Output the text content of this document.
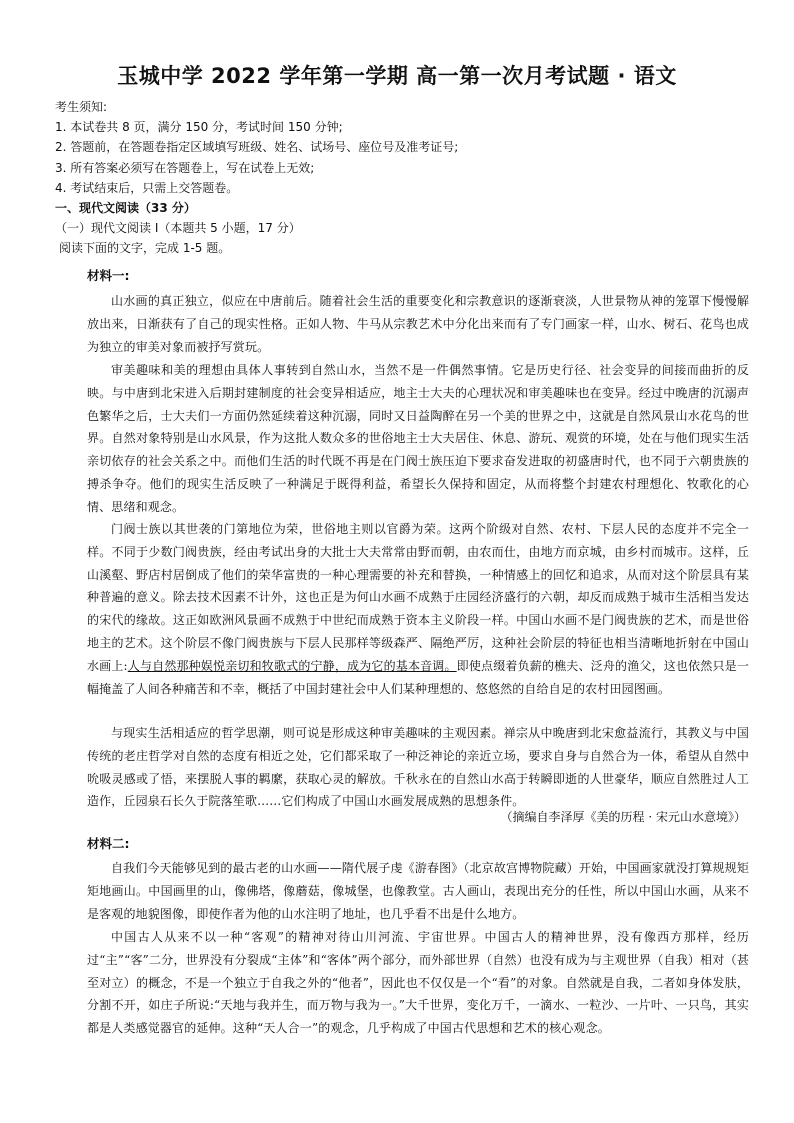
玉城中学 2022 学年第一学期 高一第一次月考试题 · 语文
考生须知:
1. 本试卷共 8 页，满分 150 分，考试时间 150 分钟;
2. 答题前，在答题卷指定区域填写班级、姓名、试场号、座位号及准考证号;
3. 所有答案必须写在答题卷上，写在试卷上无效;
4. 考试结束后，只需上交答题卷。
一、现代文阅读（33 分）
（一）现代文阅读 Ⅰ（本题共 5 小题，17 分）
阅读下面的文字，完成 1-5 题。
材料一:

山水画的真正独立，似应在中唐前后。随着社会生活的重要变化和宗教意识的逐渐衰淡，人世景物从神的笼罩下慢慢解放出来，日渐获有了自己的现实性格。正如人物、牛马从宗教艺术中分化出来而有了专门画家一样，山水、树石、花鸟也成为独立的审美对象而被抒写赏玩。

审美趣味和美的理想由具体人事转到自然山水，当然不是一件偶然事情。它是历史行径、社会变异的间接而曲折的反映。与中唐到北宋进入后期封建制度的社会变异相适应，地主士大夫的心理状况和审美趣味也在变异。经过中晚唐的沉溺声色繁华之后，士大夫们一方面仍然延续着这种沉溺，同时又日益陶醉在另一个美的世界之中，这就是自然风景山水花鸟的世界。自然对象特别是山水风景，作为这批人数众多的世俗地主士大夫居住、休息、游玩、观赏的环境，处在与他们现实生活亲切依存的社会关系之中。而他们生活的时代既不再是在门阀士族压迫下要求奋发进取的初盛唐时代，也不同于六朝贵族的搏杀争夺。他们的现实生活反映了一种满足于既得利益，希望长久保持和固定，从而将整个封建农村理想化、牧歌化的心情、思绪和观念。

门阀士族以其世袭的门第地位为荣，世俗地主则以官爵为荣。这两个阶级对自然、农村、下层人民的态度并不完全一样。不同于少数门阀贵族，经由考试出身的大批士大夫常常由野而朝，由农而仕，由地方而京城，由乡村而城市。这样，丘山溪壑、野店村居倒成了他们的荣华富贵的一种心理需要的补充和替换，一种情感上的回忆和追求，从而对这个阶层具有某种普遍的意义。除去技术因素不计外，这也正是为何山水画不成熟于庄园经济盛行的六朝，却反而成熟于城市生活相当发达的宋代的缘故。这正如欧洲风景画不成熟于中世纪而成熟于资本主义阶段一样。中国山水画不是门阀贵族的艺术，而是世俗地主的艺术。这个阶层不像门阀贵族与下层人民那样等级森严、隔绝严厉，这种社会阶层的特征也相当清晰地折射在中国山水画上:人与自然那种娱悦亲切和牧歌式的宁静，成为它的基本音调。即使点缀着负薪的樵夫、泛舟的渔父，这也依然只是一幅掩盖了人间各种痛苦和不幸，概括了中国封建社会中人们某种理想的、悠悠然的自给自足的农村田园图画。

与现实生活相适应的哲学思潮，则可说是形成这种审美趣味的主观因素。禅宗从中晚唐到北宋愈益流行，其教义与中国传统的老庄哲学对自然的态度有相近之处，它们都采取了一种泛神论的亲近立场，要求自身与自然合为一体，希望从自然中吮吸灵感或了悟，来摆脱人事的羁縻，获取心灵的解放。千秋永在的自然山水高于转瞬即逝的人世豪华，顺应自然胜过人工造作，丘园泉石长久于院落笙歌……它们构成了中国山水画发展成熟的思想条件。

（摘编自李泽厚《美的历程 · 宋元山水意境》）
材料二:

自我们今天能够见到的最古老的山水画——隋代展子虔《游春图》（北京故宫博物院藏）开始，中国画家就没打算规规矩矩地画山。中国画里的山，像佛塔，像蘑菇，像城堡，也像教堂。古人画山，表现出充分的任性，所以中国山水画，从来不是客观的地貌图像，即使作者为他的山水注明了地址，也几乎看不出是什么地方。

中国古人从来不以一种“客观”的精神对待山川河流、宇宙世界。中国古人的精神世界，没有像西方那样，经历过“主”“客”二分，世界没有分裂成“主体”和“客体”两个部分，而外部世界（自然）也没有成为与主观世界（自我）相对（甚至对立）的概念，不是一个独立于自我之外的“他者”，因此也不仅仅是一个“看”的对象。自然就是自我，二者如身体发肤，分割不开，如庄子所说:“天地与我并生，而万物与我为一。”大千世界，变化万千，一滴水、一粒沙、一片叶、一只鸟，其实都是人类感觉器官的延伸。这种“天人合一”的观念，几乎构成了中国古代思想和艺术的核心观念。
